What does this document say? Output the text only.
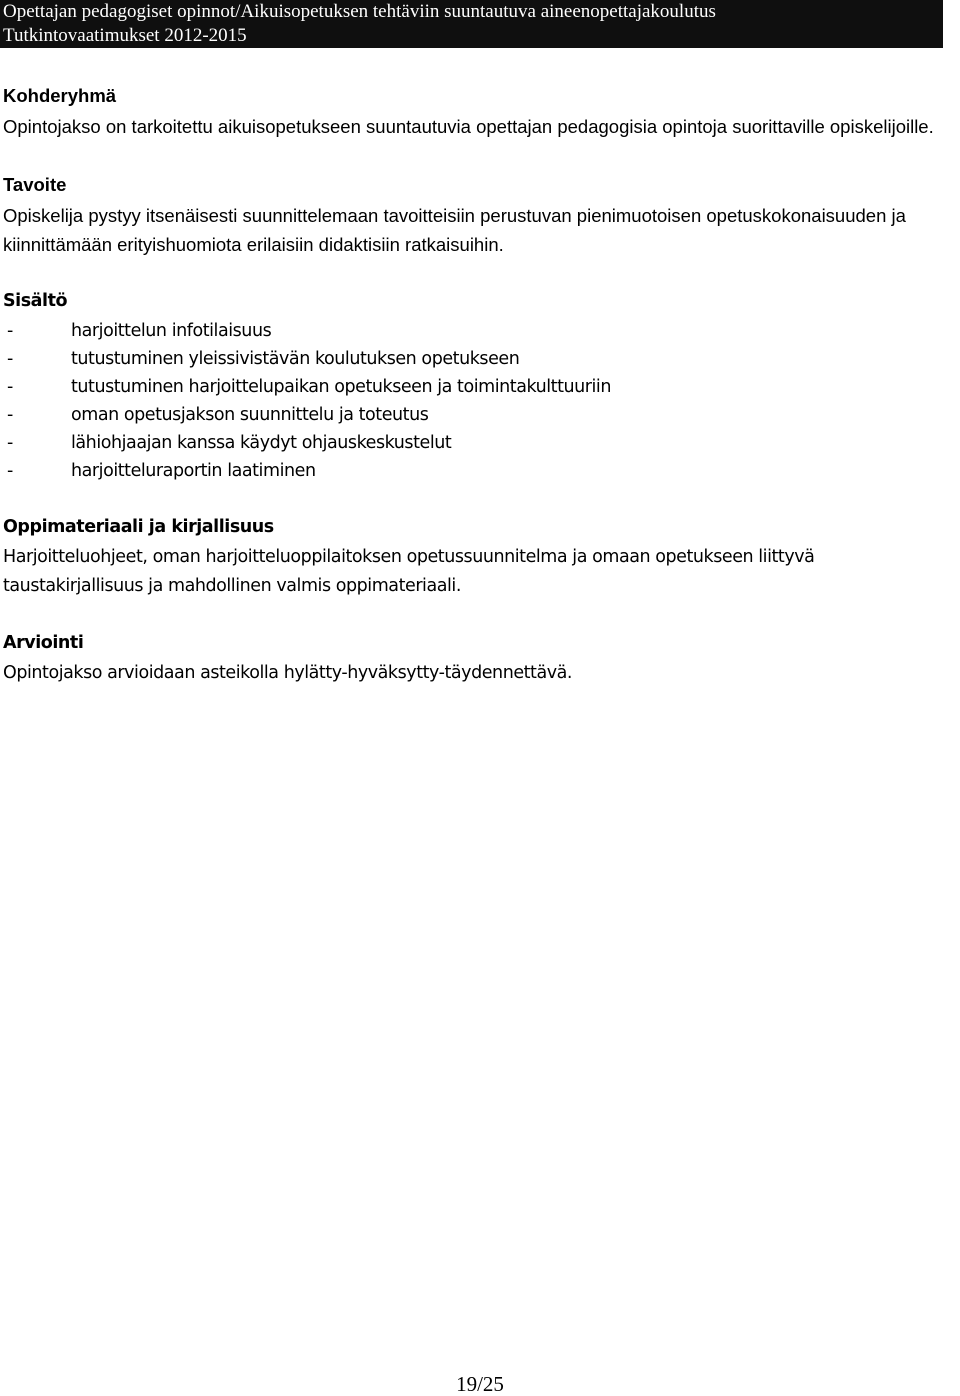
Opettajan pedagogiset opinnot/Aikuisopetuksen tehtäviin suuntautuva aineenopettajakoulutus
Tutkintovaatimukset 2012-2015
Kohderyhmä
Opintojakso on tarkoitettu aikuisopetukseen suuntautuvia opettajan pedagogisia opintoja suorittaville opiskelijoille.
Tavoite
Opiskelija pystyy itsenäisesti suunnittelemaan tavoitteisiin perustuvan pienimuotoisen opetuskokonaisuuden ja kiinnittämään erityishuomiota erilaisiin didaktisiin ratkaisuihin.
Sisältö
-	harjoittelun infotilaisuus
-	tutustuminen yleissivistävän koulutuksen opetukseen
-	tutustuminen harjoittelupaikan opetukseen ja toimintakulttuuriin
-	oman opetusjakson suunnittelu ja toteutus
-	lähiohjaajan kanssa käydyt ohjauskeskustelut
-	harjoitteluraportin laatiminen
Oppimateriaali ja kirjallisuus
Harjoitteluohjeet, oman harjoitteluoppilaitoksen opetussuunnitelma ja omaan opetukseen liittyvä taustakirjallisuus ja mahdollinen valmis oppimateriaali.
Arviointi
Opintojakso arvioidaan asteikolla hylätty-hyväksytty-täydennettävä.
19/25
